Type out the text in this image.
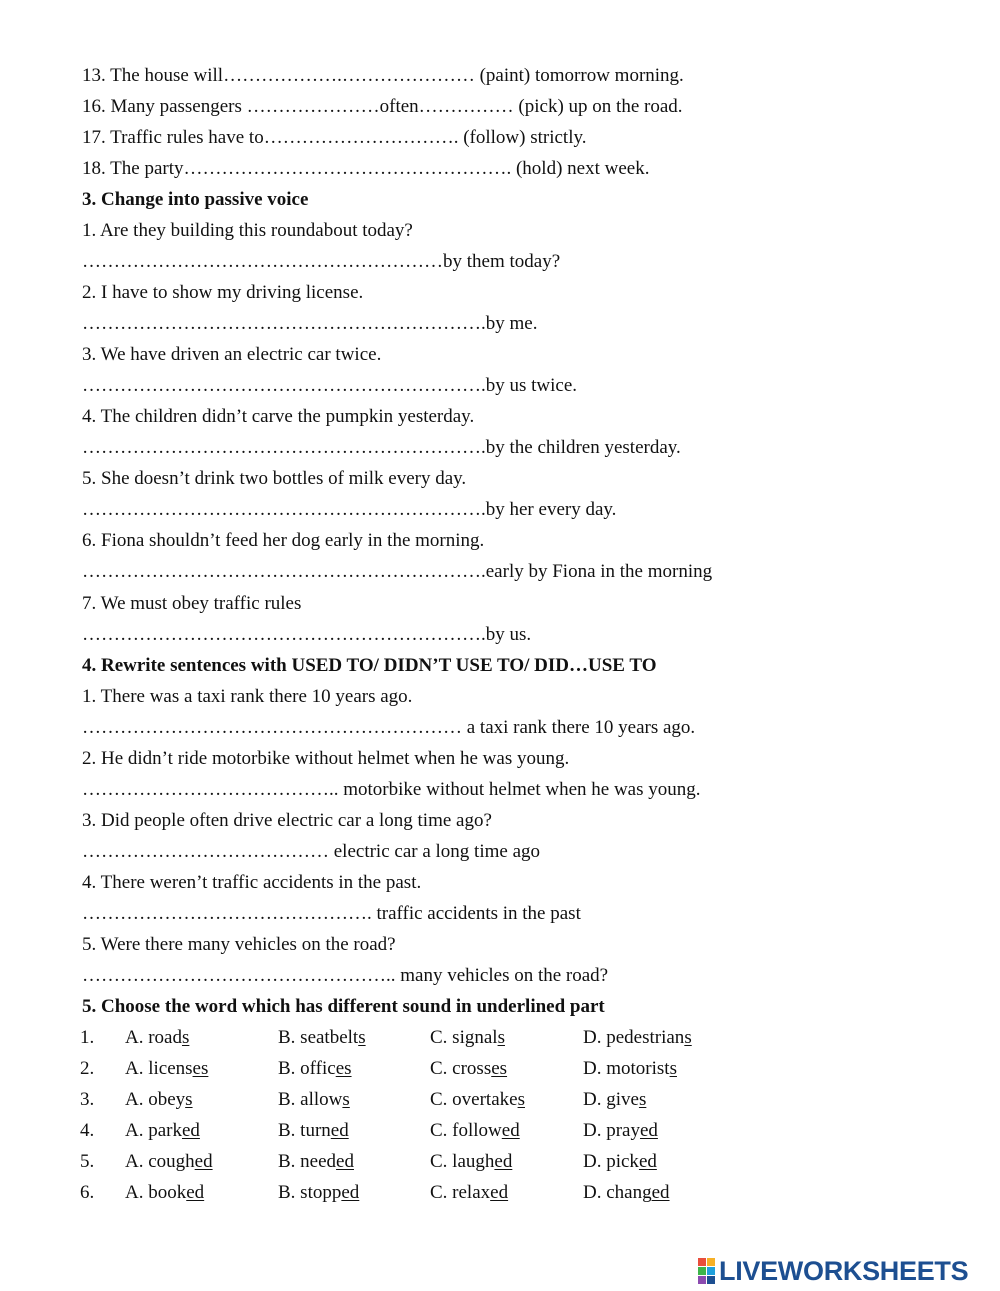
13. The house will……………….………………… (paint) tomorrow morning.
16. Many passengers …………………often…………… (pick) up on the road.
17. Traffic rules have to…………………………. (follow) strictly.
18. The party……………………………………………. (hold) next week.
3. Change into passive voice
1. Are they building this roundabout today?
…………………………………………………by them today?
2. I have to show my driving license.
……………………………………………………….by me.
3. We have driven an electric car twice.
……………………………………………………….by us twice.
4. The children didn’t carve the pumpkin yesterday.
……………………………………………………….by the children yesterday.
5. She doesn’t drink two bottles of milk every day.
……………………………………………………….by her every day.
6. Fiona shouldn’t feed her dog early in the morning.
……………………………………………………….early by Fiona in the morning
7. We must obey traffic rules
……………………………………………………….by us.
4. Rewrite sentences with USED TO/ DIDN’T USE TO/ DID…USE TO
1. There was a taxi rank there 10 years ago.
…………………………………………………… a taxi rank there 10 years ago.
2. He didn’t ride motorbike without helmet when he was young.
………………………………….. motorbike without helmet when he was young.
3. Did people often drive electric car a long time ago?
………………………………… electric car a long time ago
4. There weren’t traffic accidents in the past.
………………………………………. traffic accidents in the past
5. Were there many vehicles on the road?
………………………………………….. many vehicles on the road?
5. Choose the word which has different sound in underlined part
1. A. roads	B. seatbelts	C. signals	D. pedestrians
2. A. licenses	B. offices	C. crosses	D. motorists
3. A. obeys	B. allows	C. overtakes	D. gives
4. A. parked	B. turned	C. followed	D. prayed
5. A. coughed	B. needed	C. laughed	D. picked
6. A. booked	B. stopped	C. relaxed	D. changed
LIVEWORKSHEETS
